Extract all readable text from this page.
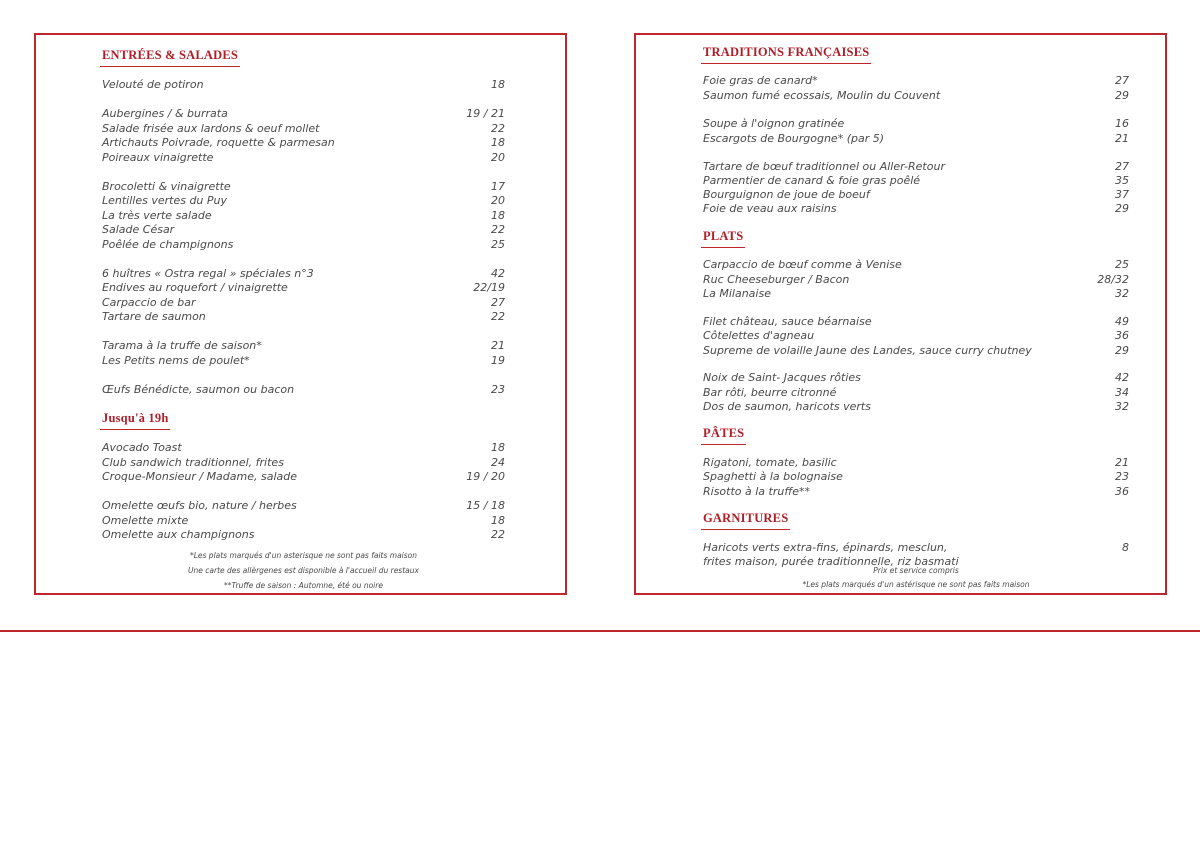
ENTRÉES & SALADES
Velouté de potiron	18
Aubergines / & burrata	19 / 21
Salade frisée aux lardons & oeuf mollet	22
Artichauts Poivrade, roquette & parmesan	18
Poireaux vinaigrette	20
Brocoletti & vinaigrette	17
Lentilles vertes du Puy	20
La très verte salade	18
Salade César	22
Poêlée de champignons	25
6 huîtres « Ostra regal » spéciales n°3	42
Endives au roquefort / vinaigrette	22/19
Carpaccio de bar	27
Tartare de saumon	22
Tarama à la truffe de saison*	21
Les Petits nems de poulet*	19
Œufs Bénédicte, saumon ou bacon	23
Jusqu'à 19h
Avocado Toast	18
Club sandwich traditionnel, frites	24
Croque-Monsieur / Madame, salade	19 / 20
Omelette œufs bio, nature / herbes	15 / 18
Omelette mixte	18
Omelette aux champignons	22
*Les plats marqués d'un asterisque ne sont pas faits maison
Une carte des allèrgenes est disponible à l'accueil du restaux
**Truffe de saison : Automne, été ou noire
TRADITIONS FRANÇAISES
Foie gras de canard*	27
Saumon fumé ecossais, Moulin du Couvent	29
Soupe à l'oignon gratinée	16
Escargots de Bourgogne* (par 5)	21
Tartare de bœuf traditionnel ou Aller-Retour	27
Parmentier de canard & foie gras poêlé	35
Bourguignon de joue de boeuf	37
Foie de veau aux raisins	29
PLATS
Carpaccio de bœuf comme à Venise	25
Ruc Cheeseburger / Bacon	28/32
La Milanaise	32
Filet château, sauce béarnaise	49
Côtelettes d'agneau	36
Supreme de volaille Jaune des Landes, sauce curry chutney	29
Noix de Saint- Jacques rôties	42
Bar rôti, beurre citronné	34
Dos de saumon, haricots verts	32
PÂTES
Rigatoni, tomate, basilic	21
Spaghetti à la bolognaise	23
Risotto à la truffe**	36
GARNITURES
Haricots verts extra-fins, épinards, mesclun,	8
frites maison, purée traditionnelle, riz basmati
Prix et service compris
*Les plats marqués d'un astérisque ne sont pas faits maison
